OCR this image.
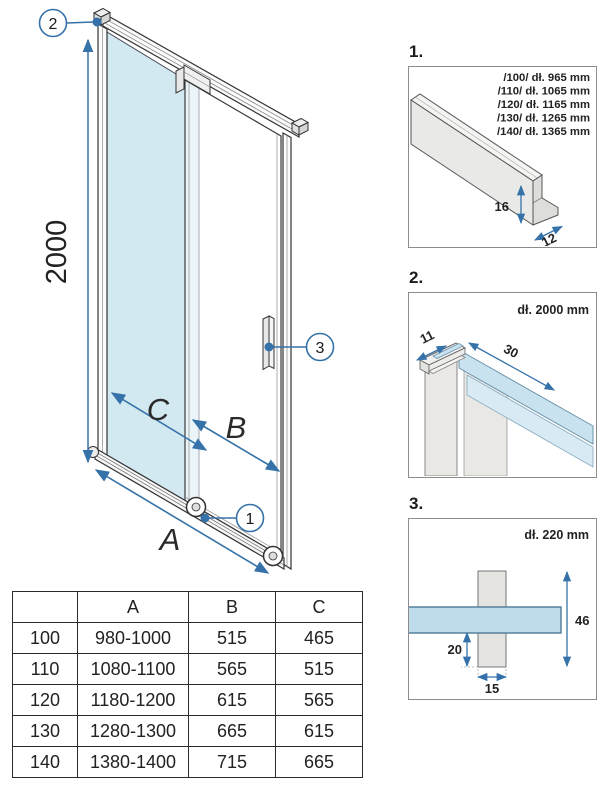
2000
C
B
A
2
3
1
1.
/100/ dł. 965 mm
/110/ dł. 1065 mm
/120/ dł. 1165 mm
/130/ dł. 1265 mm
/140/ dł. 1365 mm
16
12
2.
dł. 2000 mm
11
30
3.
dł. 220 mm
46
20
15
	A	B	C
100	980-1000	515	465
110	1080-1100	565	515
120	1180-1200	615	565
130	1280-1300	665	615
140	1380-1400	715	665
